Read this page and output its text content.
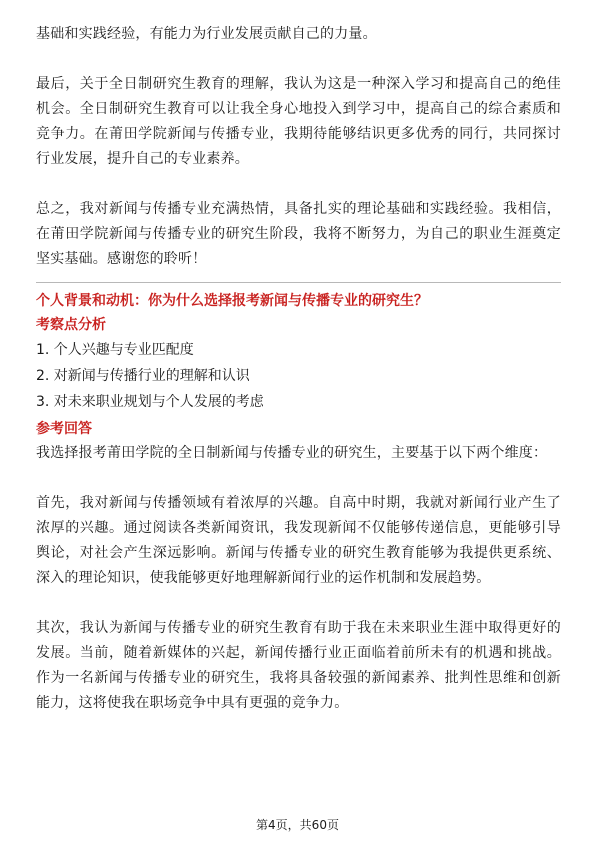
基础和实践经验，有能力为行业发展贡献自己的力量。

最后，关于全日制研究生教育的理解，我认为这是一种深入学习和提高自己的绝佳机会。全日制研究生教育可以让我全身心地投入到学习中，提高自己的综合素质和竞争力。在莆田学院新闻与传播专业，我期待能够结识更多优秀的同行，共同探讨行业发展，提升自己的专业素养。

总之，我对新闻与传播专业充满热情，具备扎实的理论基础和实践经验。我相信，在莆田学院新闻与传播专业的研究生阶段，我将不断努力，为自己的职业生涯奠定坚实基础。感谢您的聆听！

个人背景和动机：你为什么选择报考新闻与传播专业的研究生？

考察点分析

1. 个人兴趣与专业匹配度

2. 对新闻与传播行业的理解和认识

3. 对未来职业规划与个人发展的考虑

参考回答

我选择报考莆田学院的全日制新闻与传播专业的研究生，主要基于以下两个维度：

首先，我对新闻与传播领域有着浓厚的兴趣。自高中时期，我就对新闻行业产生了浓厚的兴趣。通过阅读各类新闻资讯，我发现新闻不仅能够传递信息，更能够引导舆论，对社会产生深远影响。新闻与传播专业的研究生教育能够为我提供更系统、深入的理论知识，使我能够更好地理解新闻行业的运作机制和发展趋势。

其次，我认为新闻与传播专业的研究生教育有助于我在未来职业生涯中取得更好的发展。当前，随着新媒体的兴起，新闻传播行业正面临着前所未有的机遇和挑战。作为一名新闻与传播专业的研究生，我将具备较强的新闻素养、批判性思维和创新能力，这将使我在职场竞争中具有更强的竞争力。

第4页，共60页
